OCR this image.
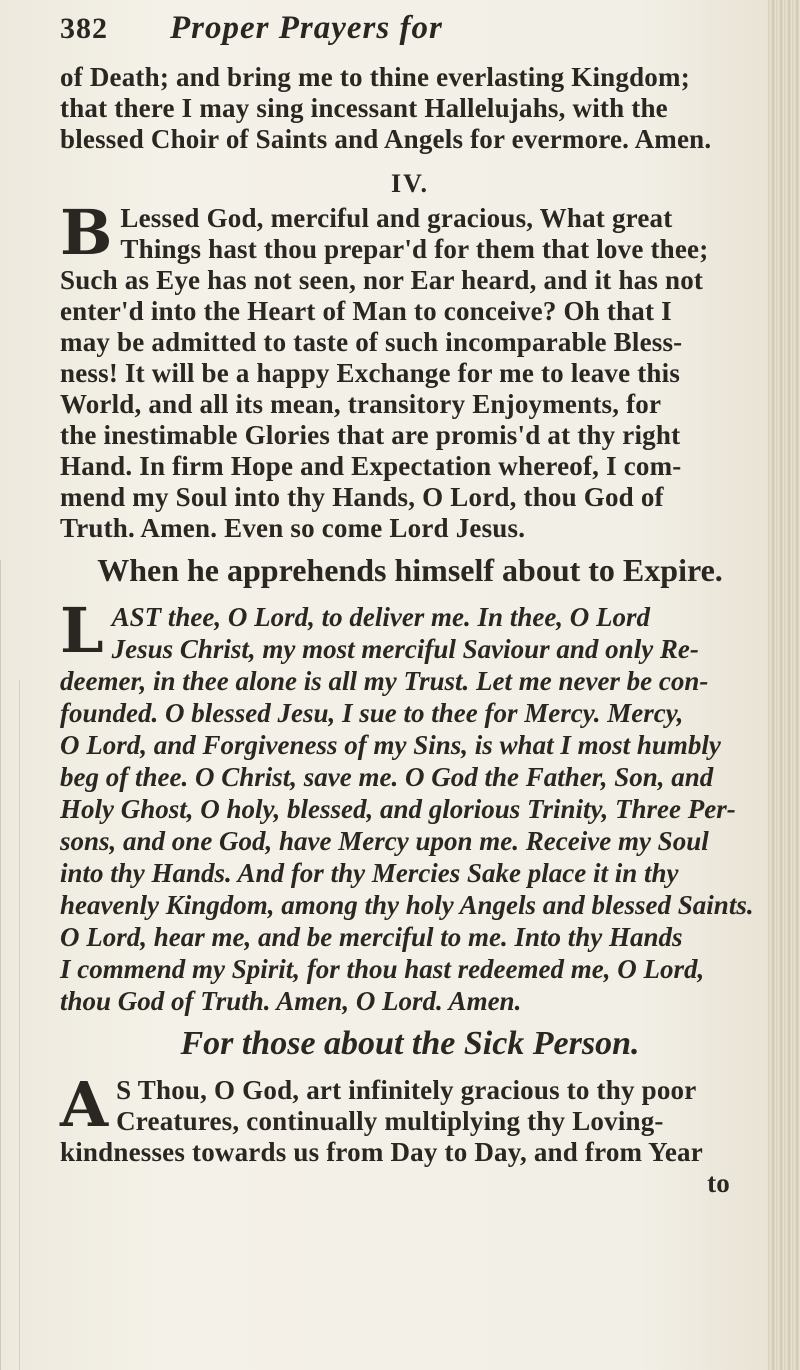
382	Proper Prayers for

of Death; and bring me to thine everlasting Kingdom;

that there I may sing incessant Hallelujahs, with the

blessed Choir of Saints and Angels for evermore. Amen.

IV.
B Lessed God, merciful and gracious, What great

Things hast thou prepar'd for them that love thee;

Such as Eye has not seen, nor Ear heard, and it has not

enter'd into the Heart of Man to conceive? Oh that I

may be admitted to taste of such incomparable Bless-

ness! It will be a happy Exchange for me to leave this

World, and all its mean, transitory Enjoyments, for

the inestimable Glories that are promis'd at thy right

Hand. In firm Hope and Expectation whereof, I com-

mend my Soul into thy Hands, O Lord, thou God of

Truth. Amen. Even so come Lord Jesus.

When he apprehends himself about to Expire.
L AST thee, O Lord, to deliver me. In thee, O Lord

Jesus Christ, my most merciful Saviour and only Re-

deemer, in thee alone is all my Trust. Let me never be con-

founded. O blessed Jesu, I sue to thee for Mercy. Mercy,

O Lord, and Forgiveness of my Sins, is what I most humbly

beg of thee. O Christ, save me. O God the Father, Son, and

Holy Ghost, O holy, blessed, and glorious Trinity, Three Per-

sons, and one God, have Mercy upon me. Receive my Soul

into thy Hands. And for thy Mercies Sake place it in thy

heavenly Kingdom, among thy holy Angels and blessed Saints.

O Lord, hear me, and be merciful to me. Into thy Hands

I commend my Spirit, for thou hast redeemed me, O Lord,

thou God of Truth. Amen, O Lord. Amen.

For those about the Sick Person.
A S Thou, O God, art infinitely gracious to thy poor

Creatures, continually multiplying thy Loving-

kindnesses towards us from Day to Day, and from Year

to
